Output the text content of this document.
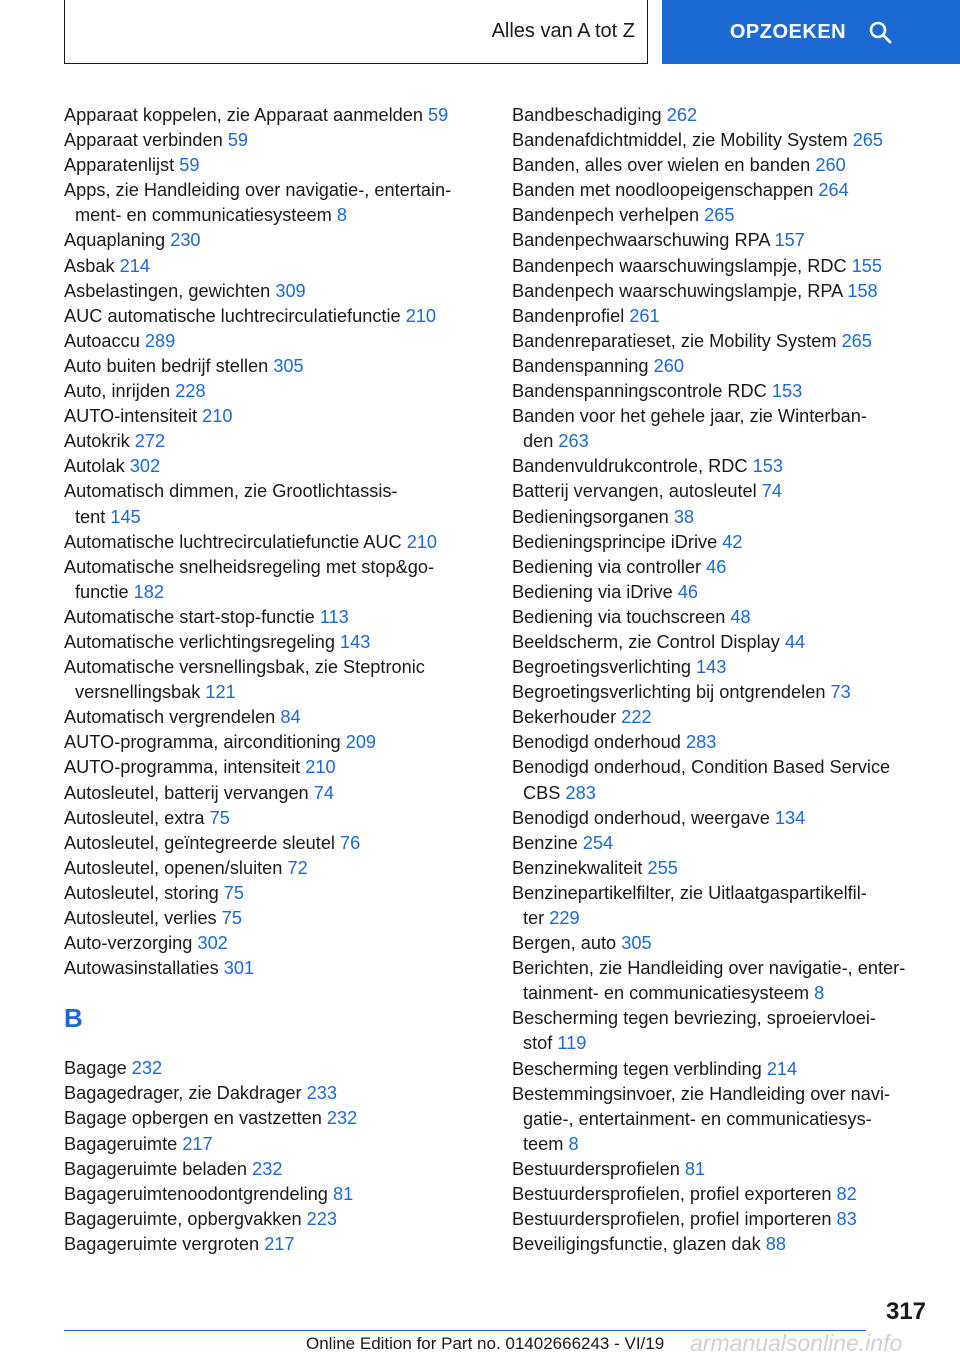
Alles van A tot Z	OPZOEKEN
Apparaat koppelen, zie Apparaat aanmelden 59
Apparaat verbinden 59
Apparatenlijst 59
Apps, zie Handleiding over navigatie-, entertain-
ment- en communicatiesysteem 8
Aquaplaning 230
Asbak 214
Asbelastingen, gewichten 309
AUC automatische luchtrecirculatiefunctie 210
Autoaccu 289
Auto buiten bedrijf stellen 305
Auto, inrijden 228
AUTO-intensiteit 210
Autokrik 272
Autolak 302
Automatisch dimmen, zie Grootlichtassis-
tent 145
Automatische luchtrecirculatiefunctie AUC 210
Automatische snelheidsregeling met stop&go-
functie 182
Automatische start-stop-functie 113
Automatische verlichtingsregeling 143
Automatische versnellingsbak, zie Steptronic
versnellingsbak 121
Automatisch vergrendelen 84
AUTO-programma, airconditioning 209
AUTO-programma, intensiteit 210
Autosleutel, batterij vervangen 74
Autosleutel, extra 75
Autosleutel, geïntegreerde sleutel 76
Autosleutel, openen/sluiten 72
Autosleutel, storing 75
Autosleutel, verlies 75
Auto-verzorging 302
Autowasinstallaties 301
B
Bagage 232
Bagagedrager, zie Dakdrager 233
Bagage opbergen en vastzetten 232
Bagageruimte 217
Bagageruimte beladen 232
Bagageruimtenoodontgrendeling 81
Bagageruimte, opbergvakken 223
Bagageruimte vergroten 217
Bandbeschadiging 262
Bandenafdichtmiddel, zie Mobility System 265
Banden, alles over wielen en banden 260
Banden met noodloopeigenschappen 264
Bandenpech verhelpen 265
Bandenpechwaarschuwing RPA 157
Bandenpech waarschuwingslampje, RDC 155
Bandenpech waarschuwingslampje, RPA 158
Bandenprofiel 261
Bandenreparatieset, zie Mobility System 265
Bandenspanning 260
Bandenspanningscontrole RDC 153
Banden voor het gehele jaar, zie Winterban-
den 263
Bandenvuldrukcontrole, RDC 153
Batterij vervangen, autosleutel 74
Bedieningsorganen 38
Bedieningsprincipe iDrive 42
Bediening via controller 46
Bediening via iDrive 46
Bediening via touchscreen 48
Beeldscherm, zie Control Display 44
Begroetingsverlichting 143
Begroetingsverlichting bij ontgrendelen 73
Bekerhouder 222
Benodigd onderhoud 283
Benodigd onderhoud, Condition Based Service
CBS 283
Benodigd onderhoud, weergave 134
Benzine 254
Benzinekwaliteit 255
Benzinepartikelfilter, zie Uitlaatgaspartikelfil-
ter 229
Bergen, auto 305
Berichten, zie Handleiding over navigatie-, enter-
tainment- en communicatiesysteem 8
Bescherming tegen bevriezing, sproeiervloei-
stof 119
Bescherming tegen verblinding 214
Bestemmingsinvoer, zie Handleiding over navi-
gatie-, entertainment- en communicatiesys-
teem 8
Bestuurdersprofielen 81
Bestuurdersprofielen, profiel exporteren 82
Bestuurdersprofielen, profiel importeren 83
Beveiligingsfunctie, glazen dak 88
317
Online Edition for Part no. 01402666243 - VI/19 armanualsonline.info
